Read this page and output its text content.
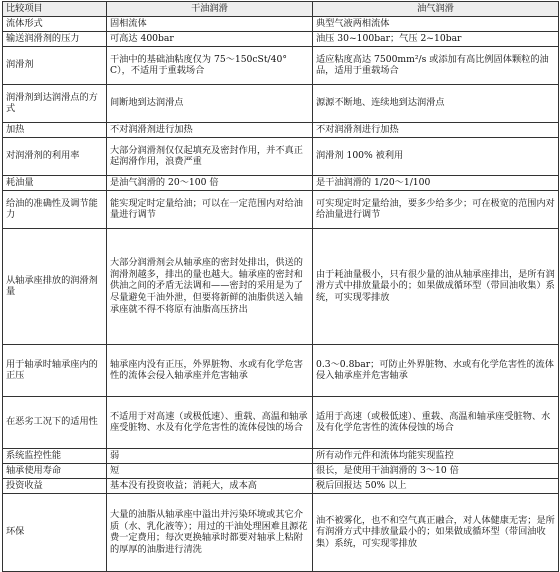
比较项目	干油润滑	油气润滑
流体形式	固相流体	典型气液两相流体
输送润滑剂的压力	可高达 400bar	油压 30~100bar；气压 2~10bar
润滑剂	干油中的基础油粘度仅为 75～150cSt/40° C），不适用于重载场合	适应粘度高达 7500mm²/s 或添加有高比例固体颗粒的油品，适用于重载场合
润滑剂到达润滑点的方式	间断地到达润滑点	源源不断地、连续地到达润滑点
加热	不对润滑剂进行加热	不对润滑剂进行加热
对润滑剂的利用率	大部分润滑剂仅仅起填充及密封作用，并不真正起润滑作用，浪费严重	润滑剂 100% 被利用
耗油量	是油气润滑的 20～100 倍	是干油润滑的 1/20～1/100
给油的准确性及调节能力	能实现定时定量给油；可以在一定范围内对给油量进行调节	可实现定时定量给油，要多少给多少；可在极宽的范围内对给油量进行调节
从轴承座排放的润滑剂量	大部分润滑剂会从轴承座的密封处排出，供送的润滑剂越多，排出的量也越大。轴承座的密封和供油之间的矛盾无法调和——密封的采用是为了尽量避免干油外泄，但要将新鲜的油脂供送入轴承座就不得不将原有油脂高压挤出	由于耗油量极小，只有很少量的油从轴承座排出，是所有润滑方式中排放量最小的；如果做成循环型（带回油收集）系统，可实现零排放
用于轴承时轴承座内的正压	轴承座内没有正压，外界脏物、水或有化学危害性的流体会侵入轴承座并危害轴承	0.3～0.8bar；可防止外界脏物、水或有化学危害性的流体侵入轴承座并危害轴承
在恶劣工况下的适用性	不适用于对高速（或极低速）、重载、高温和轴承座受脏物、水及有化学危害性的流体侵蚀的场合	适用于高速（或极低速）、重载、高温和轴承座受脏物、水及有化学危害性的流体侵蚀的场合
系统监控性能	弱	所有动作元件和流体均能实现监控
轴承使用寿命	短	很长，是使用干油润滑的 3～10 倍
投资收益	基本没有投资收益；消耗大，成本高	税后回报达 50% 以上
环保	大量的油脂从轴承座中溢出并污染环境或其它介质（水、乳化液等）；用过的干油处理困难且源花费一定费用；每次更换轴承时都要对轴承上粘附的厚厚的油脂进行清洗	油不被雾化，也不和空气真正融合，对人体健康无害；是所有润滑方式中排放量最小的；如果做成循环型（带回油收集）系统，可实现零排放
